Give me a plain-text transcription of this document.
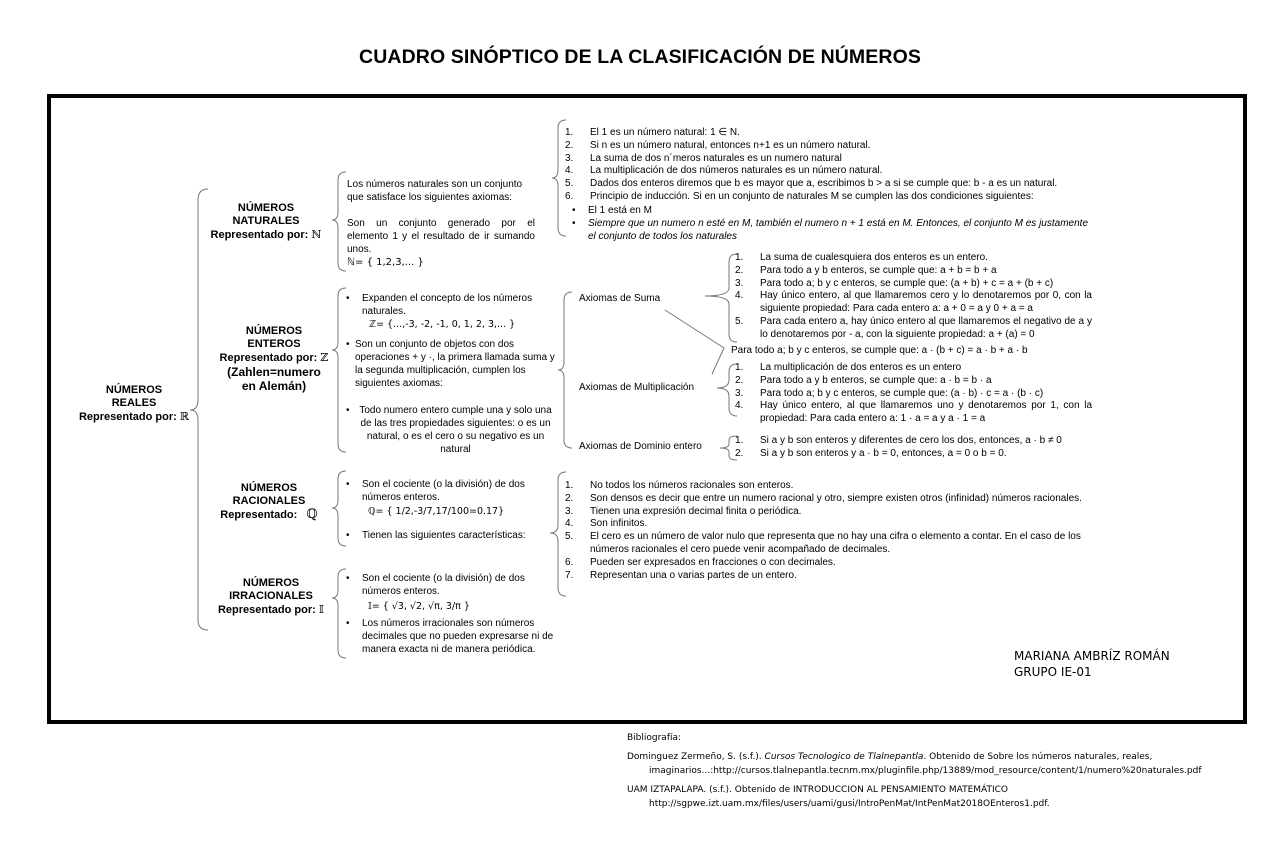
CUADRO SINÓPTICO DE LA CLASIFICACIÓN DE NÚMEROS
NÚMEROS
REALES
Representado por: ℝ
NÚMEROS
NATURALES
Representado por: ℕ
Los números naturales son un conjunto que satisface los siguientes axiomas:
Son un conjunto generado por el elemento 1 y el resultado de ir sumando unos.
ℕ= { 1,2,3,... }
1. El 1 es un número natural: 1 ∈ N.
2. Si n es un número natural, entonces n+1 es un número natural.
3. La suma de dos n´meros naturales es un numero natural
4. La multiplicación de dos números naturales es un número natural.
5. Dados dos enteros diremos que b es mayor que a, escribimos b > a si se cumple que: b - a es un natural.
6. Principio de inducción. Si en un conjunto de naturales M se cumplen las dos condiciones siguientes:
• El 1 está en M
• Siempre que un numero n esté en M, también el numero n + 1 está en M. Entonces, el conjunto M es justamente el conjunto de todos los naturales
NÚMEROS
ENTEROS
Representado por: ℤ
(Zahlen=numero
en Alemán)
• Expanden el concepto de los números naturales.
ℤ= {...,-3, -2, -1, 0, 1, 2, 3,... }
• Son un conjunto de objetos con dos operaciones + y ·, la primera llamada suma y la segunda multiplicación, cumplen los siguientes axiomas:
• Todo numero entero cumple una y solo una de las tres propiedades siguientes: o es un natural, o es el cero o su negativo es un natural
Axiomas de Suma
Axiomas de Multiplicación
Axiomas de Dominio entero
1. La suma de cualesquiera dos enteros es un entero.
2. Para todo a y b enteros, se cumple que: a + b = b + a
3. Para todo a; b y c enteros, se cumple que: (a + b) + c = a + (b + c)
4. Hay único entero, al que llamaremos cero y lo denotaremos por 0, con la siguiente propiedad: Para cada entero a: a + 0 = a y 0 + a = a
5. Para cada entero a, hay único entero al que llamaremos el negativo de a y lo denotaremos por - a, con la siguiente propiedad: a + (a) = 0
Para todo a; b y c enteros, se cumple que: a · (b + c) = a · b + a · b
1. La multiplicación de dos enteros es un entero
2. Para todo a y b enteros, se cumple que: a · b = b · a
3. Para todo a; b y c enteros, se cumple que: (a · b) · c = a · (b · c)
4. Hay único entero, al que llamaremos uno y denotaremos por 1, con la propiedad: Para cada entero a: 1 · a = a y a · 1 = a
1. Si a y b son enteros y diferentes de cero los dos, entonces, a · b ≠ 0
2. Si a y b son enteros y a · b = 0, entonces, a = 0 o b = 0.
NÚMEROS
RACIONALES
Representado: ℚ
• Son el cociente (o la división) de dos números enteros.
ℚ= { 1/2,-3/7,17/100=0.17}
• Tienen las siguientes características:
1. No todos los números racionales son enteros.
2. Son densos es decir que entre un numero racional y otro, siempre existen otros (infinidad) números racionales.
3. Tienen una expresión decimal finita o periódica.
4. Son infinitos.
5. El cero es un número de valor nulo que representa que no hay una cifra o elemento a contar. En el caso de los números racionales el cero puede venir acompañado de decimales.
6. Pueden ser expresados en fracciones o con decimales.
7. Representan una o varias partes de un entero.
NÚMEROS
IRRACIONALES
Representado por: 𝕀
• Son el cociente (o la división) de dos números enteros.
𝕀= { √3, √2, √π, 3/π }
• Los números irracionales son números decimales que no pueden expresarse ni de manera exacta ni de manera periódica.	MARIANA AMBRÍZ ROMÁN
GRUPO IE-01
Bibliografía:
Dominguez Zermeño, S. (s.f.). Cursos Tecnologico de Tlalnepantla. Obtenido de Sobre los números naturales, reales,
imaginarios...:http://cursos.tlalnepantla.tecnm.mx/pluginfile.php/13889/mod_resource/content/1/numero%20naturales.pdf
UAM IZTAPALAPA. (s.f.). Obtenido de INTRODUCCION AL PENSAMIENTO MATEMÁTICO
http://sgpwe.izt.uam.mx/files/users/uami/gusi/IntroPenMat/IntPenMat2018OEnteros1.pdf.
